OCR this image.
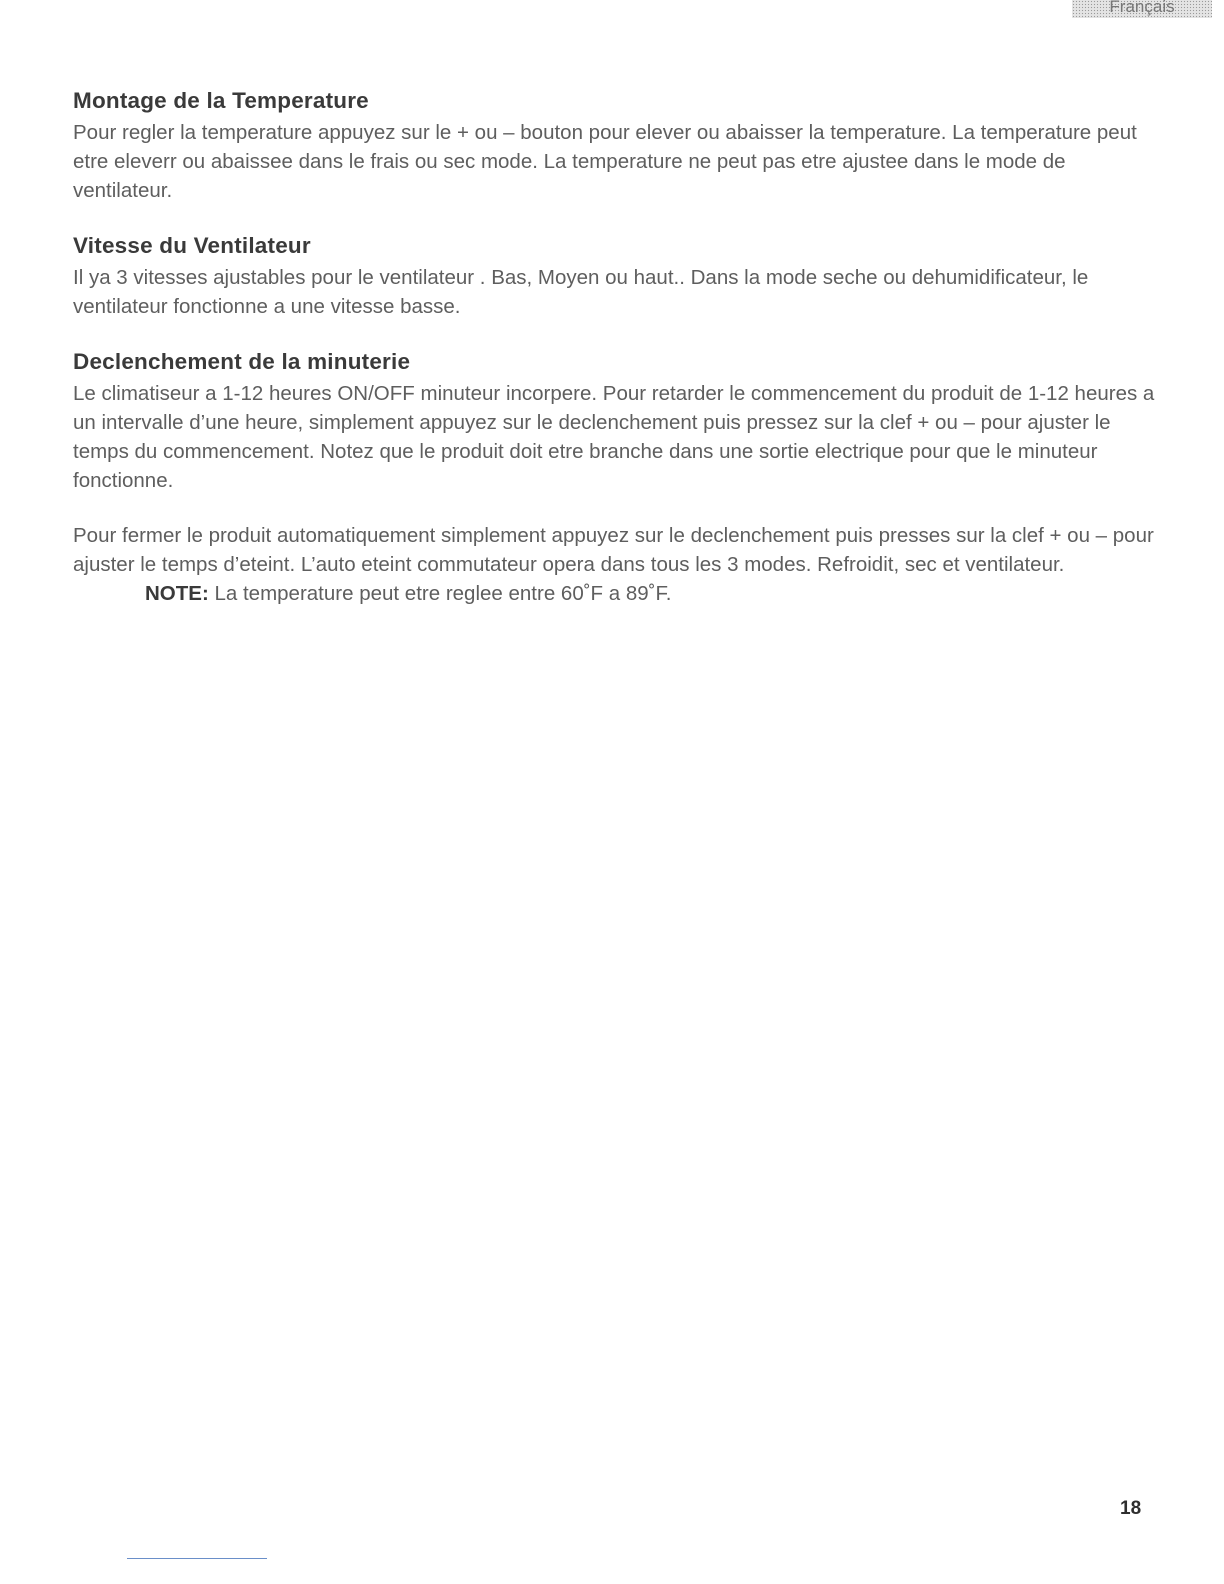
Français
Montage de la Temperature

Pour regler la temperature appuyez sur le + ou – bouton pour elever ou abaisser la temperature. La temperature peut etre eleverr ou abaissee dans le frais ou sec mode. La temperature ne peut pas etre ajustee dans le mode de ventilateur.

Vitesse du Ventilateur

Il ya 3 vitesses ajustables pour le ventilateur . Bas, Moyen ou haut.. Dans la mode seche ou dehumidificateur, le ventilateur fonctionne a une vitesse basse.

Declenchement de la minuterie

Le climatiseur a 1-12 heures ON/OFF minuteur incorpere. Pour retarder le commencement du produit de 1-12 heures a un intervalle d’une heure, simplement appuyez sur le declenchement puis pressez sur la clef + ou – pour ajuster le temps du commencement. Notez que le produit doit etre branche dans une sortie electrique pour que le minuteur fonctionne.

Pour fermer le produit automatiquement simplement appuyez sur le declenchement puis presses sur la clef + ou – pour ajuster le temps d’eteint. L’auto eteint commutateur opera dans tous les 3 modes. Refroidit, sec et ventilateur.

NOTE: La temperature peut etre reglee entre 60˚F a 89˚F.

18
